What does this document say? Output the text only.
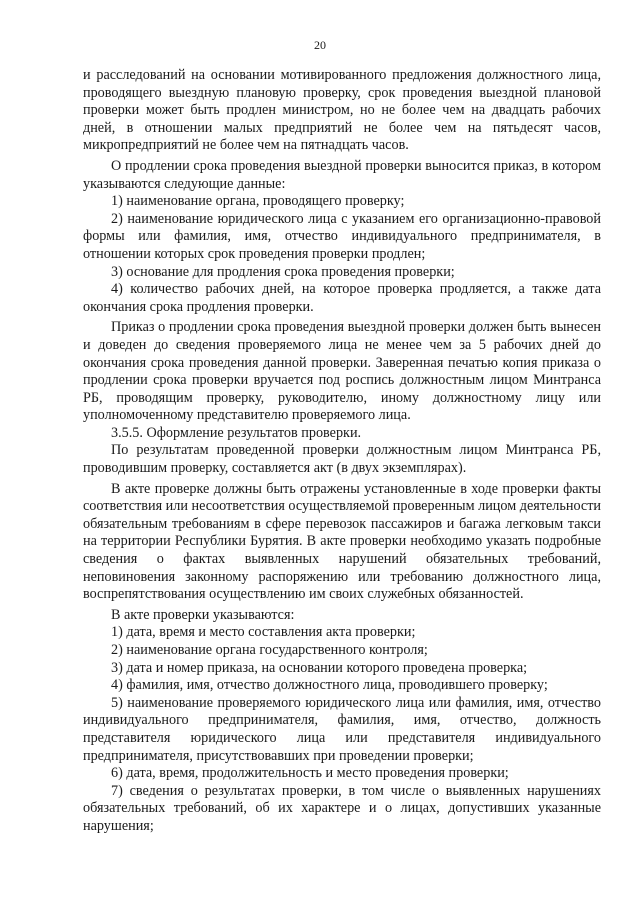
20

и расследований на основании мотивированного предложения должностного лица, проводящего выездную плановую проверку, срок проведения выездной плановой проверки может быть продлен министром, но не более чем на двадцать рабочих дней, в отношении малых предприятий не более чем на пятьдесят часов, микропредприятий не более чем на пятнадцать часов.

О продлении срока проведения выездной проверки выносится приказ, в котором указываются следующие данные:

1) наименование органа, проводящего проверку;

2) наименование юридического лица с указанием его организационно-правовой формы или фамилия, имя, отчество индивидуального предпринимателя, в отношении которых срок проведения проверки продлен;

3) основание для продления срока проведения проверки;

4) количество рабочих дней, на которое проверка продляется, а также дата окончания срока продления проверки.

Приказ о продлении срока проведения выездной проверки должен быть вынесен и доведен до сведения проверяемого лица не менее чем за 5 рабочих дней до окончания срока проведения данной проверки. Заверенная печатью копия приказа о продлении срока проверки вручается под роспись должностным лицом Минтранса РБ, проводящим проверку, руководителю, иному должностному лицу или уполномоченному представителю проверяемого лица.

3.5.5. Оформление результатов проверки.

По результатам проведенной проверки должностным лицом Минтранса РБ, проводившим проверку, составляется акт (в двух экземплярах).

В акте проверке должны быть отражены установленные в ходе проверки факты соответствия или несоответствия осуществляемой проверенным лицом деятельности обязательным требованиям в сфере перевозок пассажиров и багажа легковым такси на территории Республики Бурятия. В акте проверки необходимо указать подробные сведения о фактах выявленных нарушений обязательных требований, неповиновения законному распоряжению или требованию должностного лица, воспрепятствования осуществлению им своих служебных обязанностей.

В акте проверки указываются:

1) дата, время и место составления акта проверки;

2) наименование органа государственного контроля;

3) дата и номер приказа, на основании которого проведена проверка;

4) фамилия, имя, отчество должностного лица, проводившего проверку;

5) наименование проверяемого юридического лица или фамилия, имя, отчество индивидуального предпринимателя, фамилия, имя, отчество, должность представителя юридического лица или представителя индивидуального предпринимателя, присутствовавших при проведении проверки;

6) дата, время, продолжительность и место проведения проверки;

7) сведения о результатах проверки, в том числе о выявленных нарушениях обязательных требований, об их характере и о лицах, допустивших указанные нарушения;
